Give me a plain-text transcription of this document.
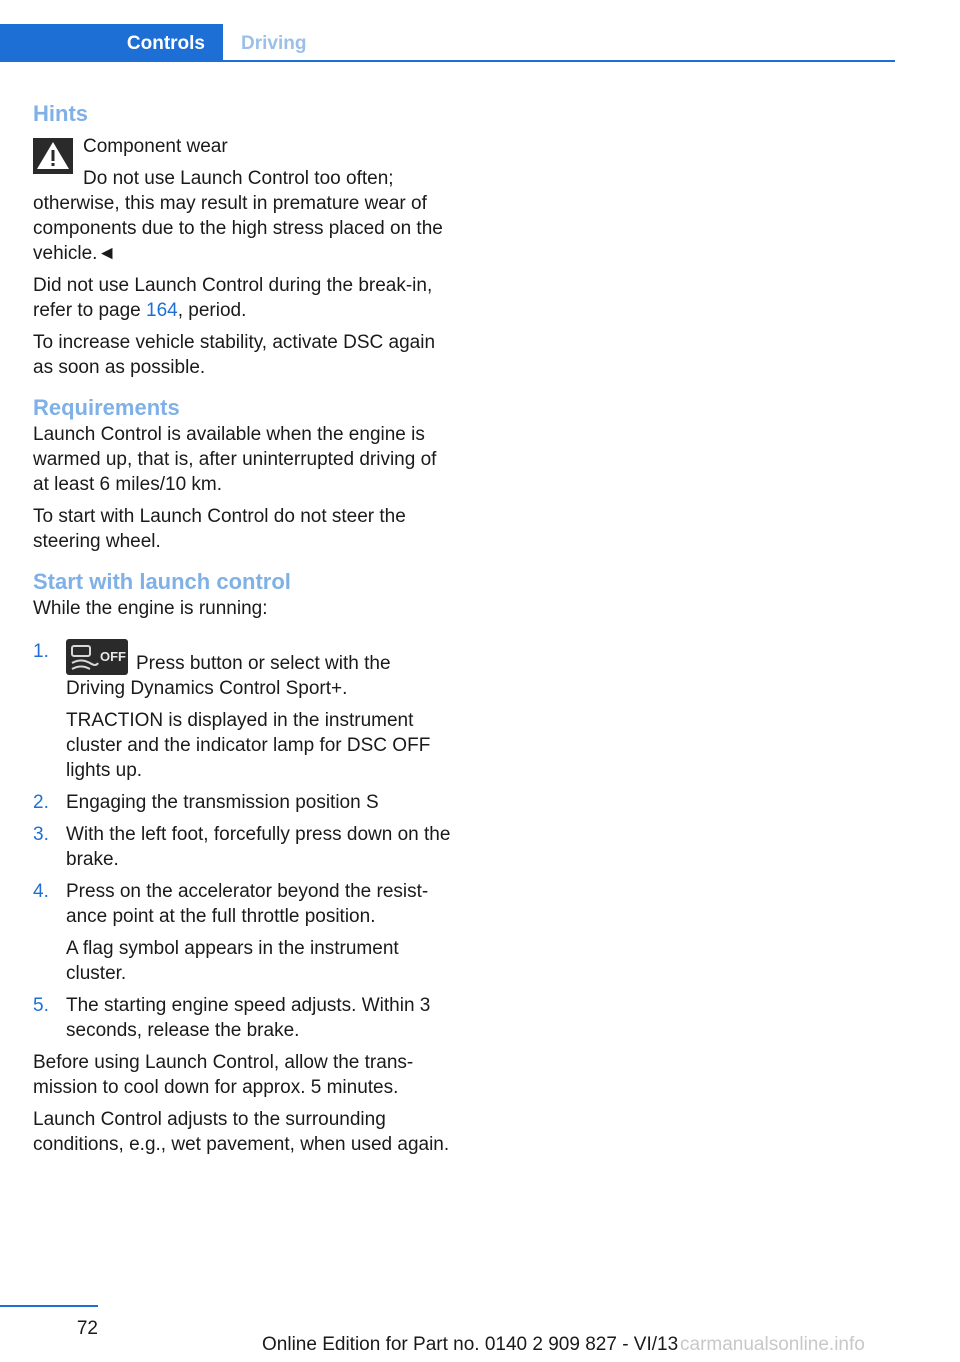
Controls Driving
Hints

Component wear

Do not use Launch Control too often; otherwise, this may result in premature wear of components due to the high stress placed on the vehicle.◄

Did not use Launch Control during the break-in, refer to page 164, period.

To increase vehicle stability, activate DSC again as soon as possible.

Requirements

Launch Control is available when the engine is warmed up, that is, after uninterrupted driving of at least 6 miles/10 km.

To start with Launch Control do not steer the steering wheel.

Start with launch control

While the engine is running:

1.	OFF Press button or select with the Driving Dynamics Control Sport+.

TRACTION is displayed in the instrument cluster and the indicator lamp for DSC OFF lights up.

2. Engaging the transmission position S

3. With the left foot, forcefully press down on the brake.

4. Press on the accelerator beyond the resist‐ance point at the full throttle position.

A flag symbol appears in the instrument cluster.

5. The starting engine speed adjusts. Within 3 seconds, release the brake.

Before using Launch Control, allow the trans‐mission to cool down for approx. 5 minutes.

Launch Control adjusts to the surrounding conditions, e.g., wet pavement, when used again.

72
Online Edition for Part no. 0140 2 909 827 - VI/13 carmanualsonline.info
